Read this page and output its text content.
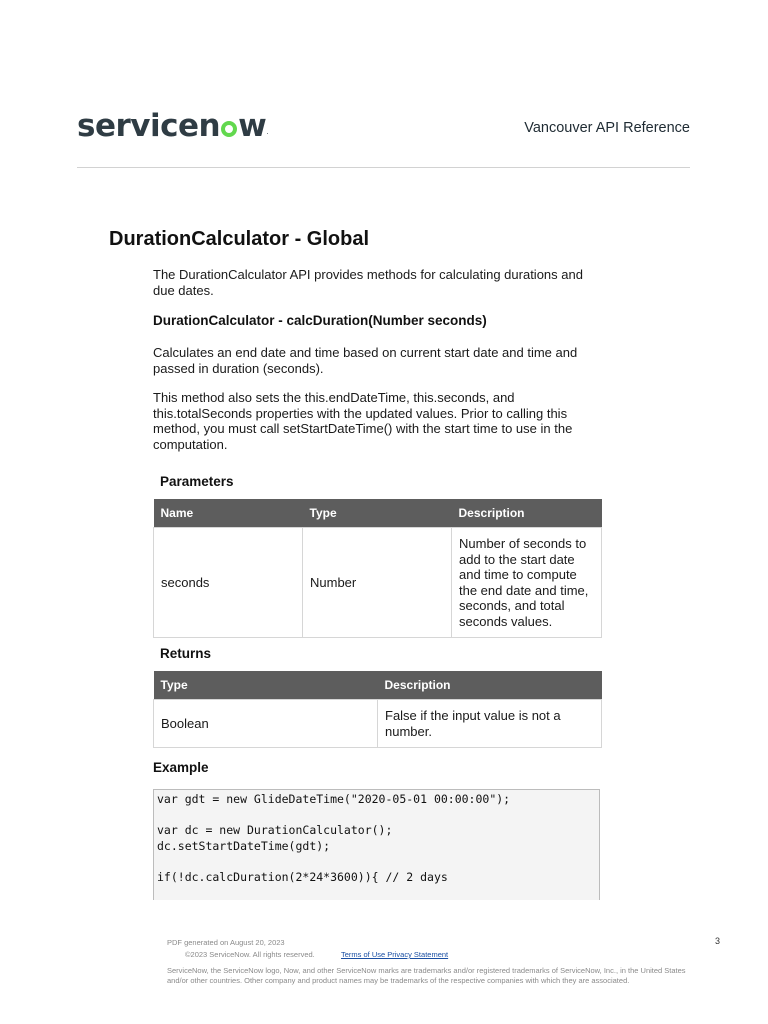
servicen w.	Vancouver API Reference
DurationCalculator - Global
The DurationCalculator API provides methods for calculating durations and due dates.
DurationCalculator - calcDuration(Number seconds)
Calculates an end date and time based on current start date and time and passed in duration (seconds).
This method also sets the this.endDateTime, this.seconds, and this.totalSeconds properties with the updated values. Prior to calling this method, you must call setStartDateTime() with the start time to use in the computation.
Parameters
Name	Type	Description
seconds	Number	Number of seconds to add to the start date and time to compute the end date and time, seconds, and total seconds values.
Returns
Type	Description
Boolean	False if the input value is not a number.
Example
var gdt = new GlideDateTime("2020-05-01 00:00:00");

var dc = new DurationCalculator();
dc.setStartDateTime(gdt);

if(!dc.calcDuration(2*24*3600)){ // 2 days
PDF generated on August 20, 2023
©2023 ServiceNow. All rights reserved.	Terms of Use Privacy Statement
ServiceNow, the ServiceNow logo, Now, and other ServiceNow marks are trademarks and/or registered trademarks of ServiceNow, Inc., in the United States and/or other countries. Other company and product names may be trademarks of the respective companies with which they are associated.
3
